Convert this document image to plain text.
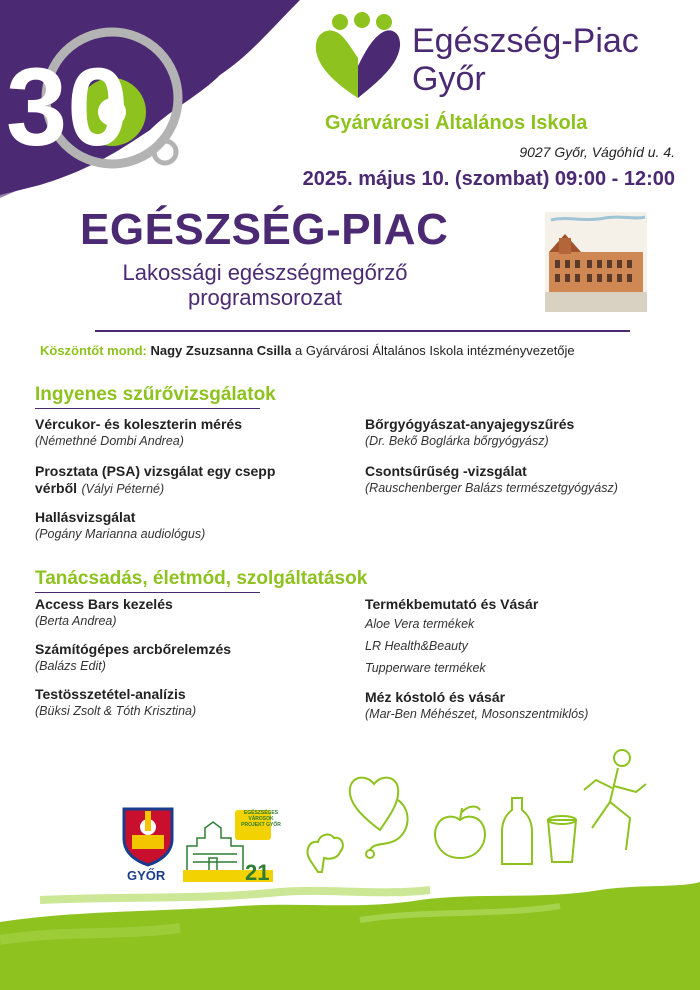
30
Egészség-Piac
Győr
Gyárvárosi Általános Iskola
9027 Győr, Vágóhíd u. 4.
2025. május 10. (szombat) 09:00 - 12:00
EGÉSZSÉG-PIAC
Lakossági egészségmegőrző
programsorozat
Köszöntőt mond: Nagy Zsuzsanna Csilla a Gyárvárosi Általános Iskola intézményvezetője
Ingyenes szűrővizsgálatok
Vércukor- és koleszterin mérés
(Némethné Dombi Andrea)
Prosztata (PSA) vizsgálat egy csepp
vérből (Vályi Péterné)
Hallásvizsgálat
(Pogány Marianna audiológus)
Bőrgyógyászat-anyajegyszűrés
(Dr. Bekő Boglárka bőrgyógyász)
Csontsűrűség -vizsgálat
(Rauschenberger Balázs természetgyógyász)
Tanácsadás, életmód, szolgáltatások
Access Bars kezelés
(Berta Andrea)
Számítógépes arcbőrelemzés
(Balázs Edit)
Testösszetétel-analízis
(Büksi Zsolt & Tóth Krisztina)
Termékbemutató és Vásár
Aloe Vera termékek
LR Health&Beauty
Tupperware termékek
Méz kóstoló és vásár
(Mar-Ben Méhészet, Mosonszentmiklós)
GYŐR	21
EGÉSZSÉGES VÁROSOK PROJEKT GYŐR
